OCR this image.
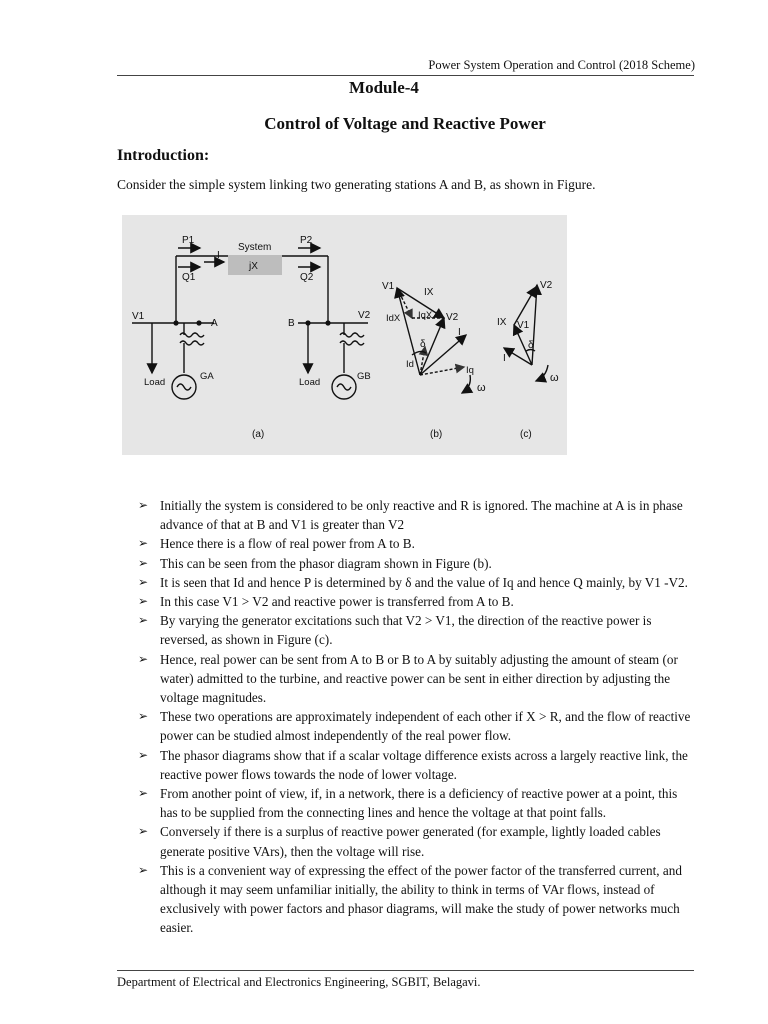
Power System Operation and Control (2018 Scheme)
Module-4
Control of Voltage and Reactive Power
Introduction:
Consider the simple system linking two generating stations A and B, as shown in Figure.
System
jX
P1
Q1
I
P2
Q2
V1	V2
A	B
Load	Load
GA	GB
V1
V2
IX
IqX
IdX
δ
I
Id
Iq
ω
V2
V1
IX
δ
I
ω
(a)	(b)	(c)
➢ Initially the system is considered to be only reactive and R is ignored. The machine at A is in phase advance of that at B and V1 is greater than V2
➢ Hence there is a flow of real power from A to B.
➢ This can be seen from the phasor diagram shown in Figure (b).
➢ It is seen that Id and hence P is determined by δ and the value of Iq and hence Q mainly, by V1 -V2.
➢ In this case V1 > V2 and reactive power is transferred from A to B.
➢ By varying the generator excitations such that V2 > V1, the direction of the reactive power is reversed, as shown in Figure (c).
➢ Hence, real power can be sent from A to B or B to A by suitably adjusting the amount of steam (or water) admitted to the turbine, and reactive power can be sent in either direction by adjusting the voltage magnitudes.
➢ These two operations are approximately independent of each other if X > R, and the flow of reactive power can be studied almost independently of the real power flow.
➢ The phasor diagrams show that if a scalar voltage difference exists across a largely reactive link, the reactive power flows towards the node of lower voltage.
➢ From another point of view, if, in a network, there is a deficiency of reactive power at a point, this has to be supplied from the connecting lines and hence the voltage at that point falls.
➢ Conversely if there is a surplus of reactive power generated (for example, lightly loaded cables generate positive VArs), then the voltage will rise.
➢ This is a convenient way of expressing the effect of the power factor of the transferred current, and although it may seem unfamiliar initially, the ability to think in terms of VAr flows, instead of exclusively with power factors and phasor diagrams, will make the study of power networks much easier.
Department of Electrical and Electronics Engineering, SGBIT, Belagavi.
